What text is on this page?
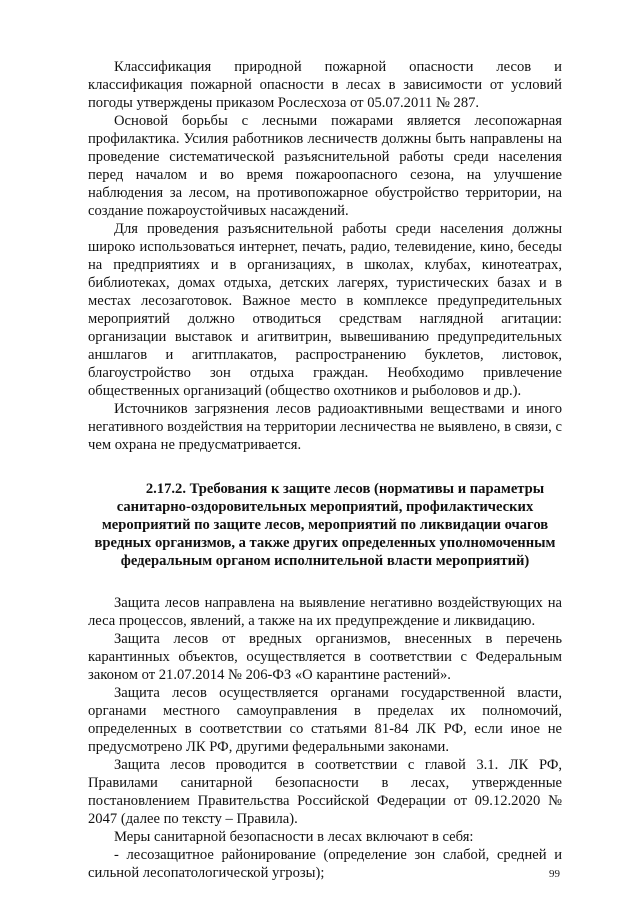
Классификация природной пожарной опасности лесов и классификация пожарной опасности в лесах в зависимости от условий погоды утверждены приказом Рослесхоза от 05.07.2011 № 287.

Основой борьбы с лесными пожарами является лесопожарная профилактика. Усилия работников лесничеств должны быть направлены на проведение систематической разъяснительной работы среди населения перед началом и во время пожароопасного сезона, на улучшение наблюдения за лесом, на противопожарное обустройство территории, на создание пожароустойчивых насаждений.

Для проведения разъяснительной работы среди населения должны широко использоваться интернет, печать, радио, телевидение, кино, беседы на предприятиях и в организациях, в школах, клубах, кинотеатрах, библиотеках, домах отдыха, детских лагерях, туристических базах и в местах лесозаготовок. Важное место в комплексе предупредительных мероприятий должно отводиться средствам наглядной агитации: организации выставок и агитвитрин, вывешиванию предупредительных аншлагов и агитплакатов, распространению буклетов, листовок, благоустройство зон отдыха граждан. Необходимо привлечение общественных организаций (общество охотников и рыболовов и др.).

Источников загрязнения лесов радиоактивными веществами и иного негативного воздействия на территории лесничества не выявлено, в связи, с чем охрана не предусматривается.

2.17.2. Требования к защите лесов (нормативы и параметры санитарно-оздоровительных мероприятий, профилактических мероприятий по защите лесов, мероприятий по ликвидации очагов вредных организмов, а также других определенных уполномоченным федеральным органом исполнительной власти мероприятий)

Защита лесов направлена на выявление негативно воздействующих на леса процессов, явлений, а также на их предупреждение и ликвидацию.

Защита лесов от вредных организмов, внесенных в перечень карантинных объектов, осуществляется в соответствии с Федеральным законом от 21.07.2014 № 206-ФЗ «О карантине растений».

Защита лесов осуществляется органами государственной власти, органами местного самоуправления в пределах их полномочий, определенных в соответствии со статьями 81-84 ЛК РФ, если иное не предусмотрено ЛК РФ, другими федеральными законами.

Защита лесов проводится в соответствии с главой 3.1. ЛК РФ, Правилами санитарной безопасности в лесах, утвержденные постановлением Правительства Российской Федерации от 09.12.2020 № 2047 (далее по тексту – Правила).

Меры санитарной безопасности в лесах включают в себя:

- лесозащитное районирование (определение зон слабой, средней и сильной лесопатологической угрозы);	99
